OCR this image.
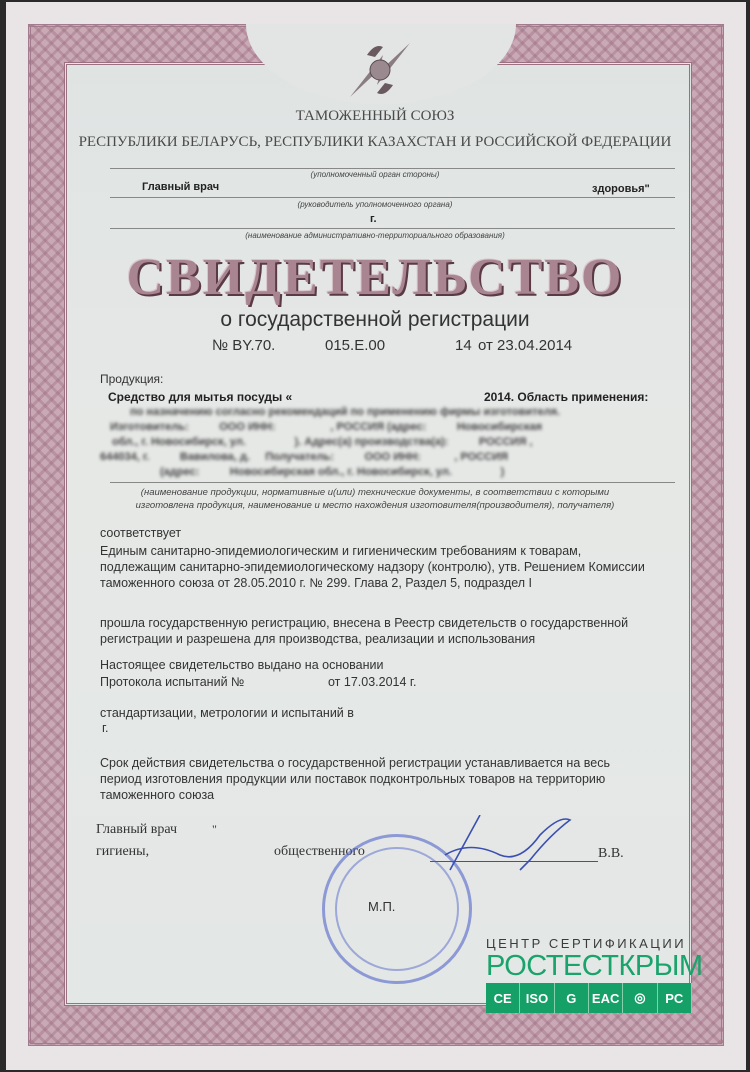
ТАМОЖЕННЫЙ СОЮЗ
РЕСПУБЛИКИ БЕЛАРУСЬ, РЕСПУБЛИКИ КАЗАХСТАН И РОССИЙСКОЙ ФЕДЕРАЦИИ
(уполномоченный орган стороны)
Главный врач	здоровья"
(руководитель уполномоченного органа)
г.
(наименование административно-территориального образования)
СВИДЕТЕЛЬСТВО
о государственной регистрации
№ BY.70.	015.E.00	14 от 23.04.2014
Продукция:
Средство для мытья посуды «	2014. Область применения:
по назначению согласно рекомендаций по применению фирмы изготовителя.
Изготовитель:          ООО ИНН:                  , РОССИЯ (адрес:          Новосибирская
обл., г. Новосибирск, ул.                ). Адрес(а) производства(а):          РОССИЯ ,
644034, г.          Вавилова, д.     Получатель:          ООО ИНН:           , РОССИЯ
(адрес:          Новосибирская обл., г. Новосибирск, ул.                )
(наименование продукции, нормативные и(или) технические документы, в соответствии с которыми
изготовлена продукция, наименование и место нахождения изготовителя(производителя), получателя)
соответствует
Единым санитарно-эпидемиологическим и гигиеническим требованиям к товарам,
подлежащим санитарно-эпидемиологическому надзору (контролю), утв. Решением Комиссии
таможенного союза от 28.05.2010 г. № 299. Глава 2, Раздел 5, подраздел I
прошла государственную регистрацию, внесена в Реестр свидетельств о государственной
регистрации и разрешена для производства, реализации и использования
Настоящее свидетельство выдано на основании
Протокола испытаний №	от 17.03.2014 г.
стандартизации, метрологии и испытаний в
г.
Срок действия свидетельства о государственной регистрации устанавливается на весь
период изготовления продукции или поставок подконтрольных товаров на территорию
таможенного союза
Главный врач	"
гигиены,	общественного	В.В.
М.П.
ЦЕНТР СЕРТИФИКАЦИИ
РОСТЕСТКРЫМ
CE	ISO	G	EAC	◎	PC
